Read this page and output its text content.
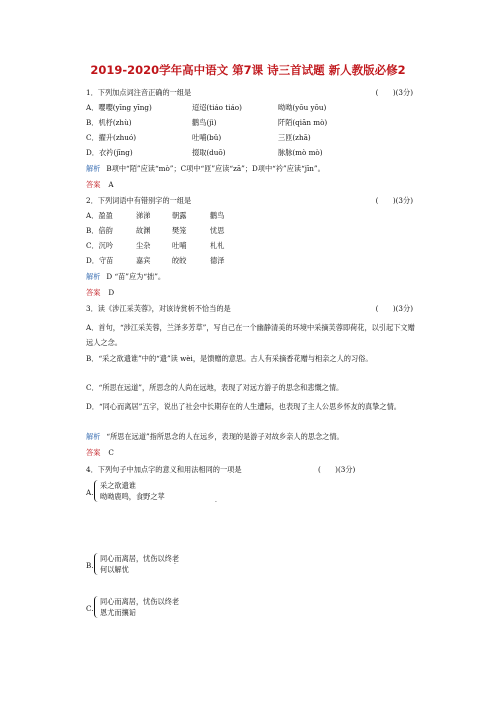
2019-2020学年高中语文 第7课 诗三首试题 新人教版必修2
1．下列加点词注音正确的一组是	(　　)(3分)
A．嘤嘤(yīng yīng)	迢迢(tiáo tiáo)	呦呦(yōu yōu)
B．机杼(zhù)	鹳鸟(jì)	阡陌(qiān mò)
C．擢升(zhuó)	吐哺(bǔ)	三匝(zhā)
D．衣衿(jīng)	掇取(duō)	脉脉(mò mò)
解析 B项中“陌”应读“mò”；C项中“匝”应读“zā”；D项中“衿”应读“jīn”。
答案 A
2．下列词语中有错别字的一组是	(　　)(3分)
A．盈盈	涕涕	朝露	鹳鸟
B．倍韵	故渊	樊笼	忧思
C．沉吟	尘杂	吐哺	札札
D．守苗	嘉宾	皎皎	德泽
解析 D “苗”应为“拙”。
答案 D
3．读《涉江采芙蓉》，对该诗赏析不恰当的是	(　　)(3分)
A．首句，“涉江采芙蓉，兰泽多芳草”，写自己在一个幽静清美的环境中采摘芙蓉即荷花，以引起下文赠远人之念。
B．“采之欲遗谁”中的“遗”读 wèi，是馈赠的意思。古人有采摘香花赠与相亲之人的习俗。
C．“所思在远道”，所思念的人尚在远地，表现了对远方游子的思念和悲慨之情。
D．“同心而离居”五字，说出了社会中长期存在的人生遭际，也表现了主人公思乡怀友的真挚之情。
解析 “所思在远道”指所思念的人在远乡，表现的是游子对故乡亲人的思念之情。
答案 C
4．下列句子中加点字的意义和用法相同的一项是	(　　)(3分)
A.
采之欲遗谁
呦呦鹿鸣，食野之苹
·
B.
同心而离居，忧伤以终老
何以解忧
·
C.
同心而离居，忧伤以终老
恩尤而攘诟
